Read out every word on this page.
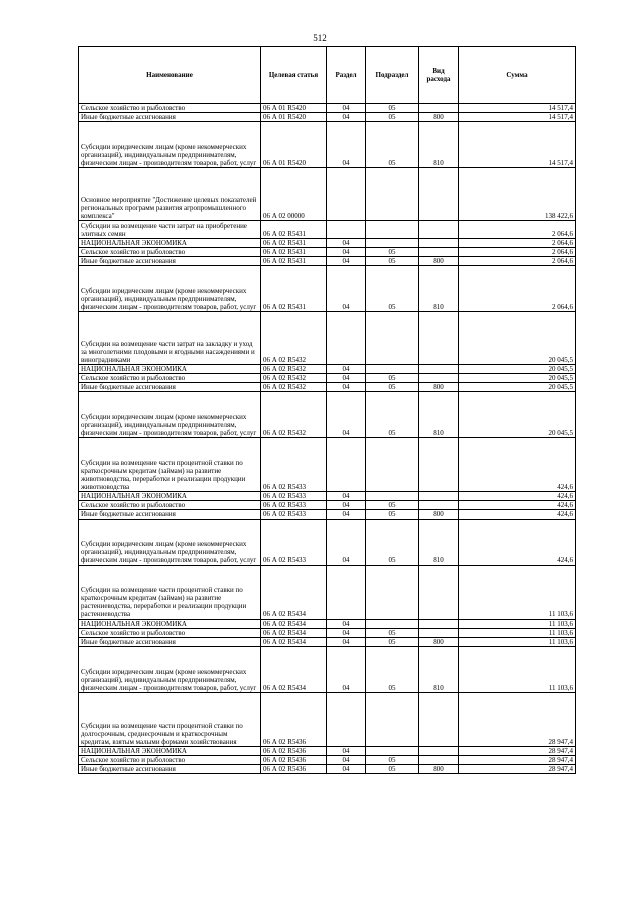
512
Наименование	Целевая статья	Раздел	Подраздел	Вид расхода	Сумма
Сельское хозяйство и рыболовство	06 А 01 R5420	04	05		14 517,4
Иные бюджетные ассигнования	06 А 01 R5420	04	05	800	14 517,4
Субсидии юридическим лицам (кроме некоммерческих организаций), индивидуальным предпринимателям, физическим лицам - производителям товаров, работ, услуг	06 А 01 R5420	04	05	810	14 517,4
Основное мероприятие "Достижение целевых показателей региональных программ развития агропромышленного комплекса"	06 А 02 00000				138 422,6
Субсидии на возмещение части затрат на приобретение элитных семян	06 А 02 R5431				2 064,6
НАЦИОНАЛЬНАЯ ЭКОНОМИКА	06 А 02 R5431	04			2 064,6
Сельское хозяйство и рыболовство	06 А 02 R5431	04	05		2 064,6
Иные бюджетные ассигнования	06 А 02 R5431	04	05	800	2 064,6
Субсидии юридическим лицам (кроме некоммерческих организаций), индивидуальным предпринимателям, физическим лицам - производителям товаров, работ, услуг	06 А 02 R5431	04	05	810	2 064,6
Субсидии на возмещение части затрат на закладку и уход за многолетними плодовыми и ягодными насаждениями и виноградниками	06 А 02 R5432				20 045,5
НАЦИОНАЛЬНАЯ ЭКОНОМИКА	06 А 02 R5432	04			20 045,5
Сельское хозяйство и рыболовство	06 А 02 R5432	04	05		20 045,5
Иные бюджетные ассигнования	06 А 02 R5432	04	05	800	20 045,5
Субсидии юридическим лицам (кроме некоммерческих организаций), индивидуальным предпринимателям, физическим лицам - производителям товаров, работ, услуг	06 А 02 R5432	04	05	810	20 045,5
Субсидии на возмещение части процентной ставки по краткосрочным кредитам (займам) на развитие животноводства, переработки и реализации продукции животноводства	06 А 02 R5433				424,6
НАЦИОНАЛЬНАЯ ЭКОНОМИКА	06 А 02 R5433	04			424,6
Сельское хозяйство и рыболовство	06 А 02 R5433	04	05		424,6
Иные бюджетные ассигнования	06 А 02 R5433	04	05	800	424,6
Субсидии юридическим лицам (кроме некоммерческих организаций), индивидуальным предпринимателям, физическим лицам - производителям товаров, работ, услуг	06 А 02 R5433	04	05	810	424,6
Субсидии на возмещение части процентной ставки по краткосрочным кредитам (займам) на развитие растениеводства, переработки и реализации продукции растениеводства	06 А 02 R5434				11 103,6
НАЦИОНАЛЬНАЯ ЭКОНОМИКА	06 А 02 R5434	04			11 103,6
Сельское хозяйство и рыболовство	06 А 02 R5434	04	05		11 103,6
Иные бюджетные ассигнования	06 А 02 R5434	04	05	800	11 103,6
Субсидии юридическим лицам (кроме некоммерческих организаций), индивидуальным предпринимателям, физическим лицам - производителям товаров, работ, услуг	06 А 02 R5434	04	05	810	11 103,6
Субсидии на возмещение части процентной ставки по долгосрочным, среднесрочным и краткосрочным кредитам, взятым малыми формами хозяйствования	06 А 02 R5436				28 947,4
НАЦИОНАЛЬНАЯ ЭКОНОМИКА	06 А 02 R5436	04			28 947,4
Сельское хозяйство и рыболовство	06 А 02 R5436	04	05		28 947,4
Иные бюджетные ассигнования	06 А 02 R5436	04	05	800	28 947,4
